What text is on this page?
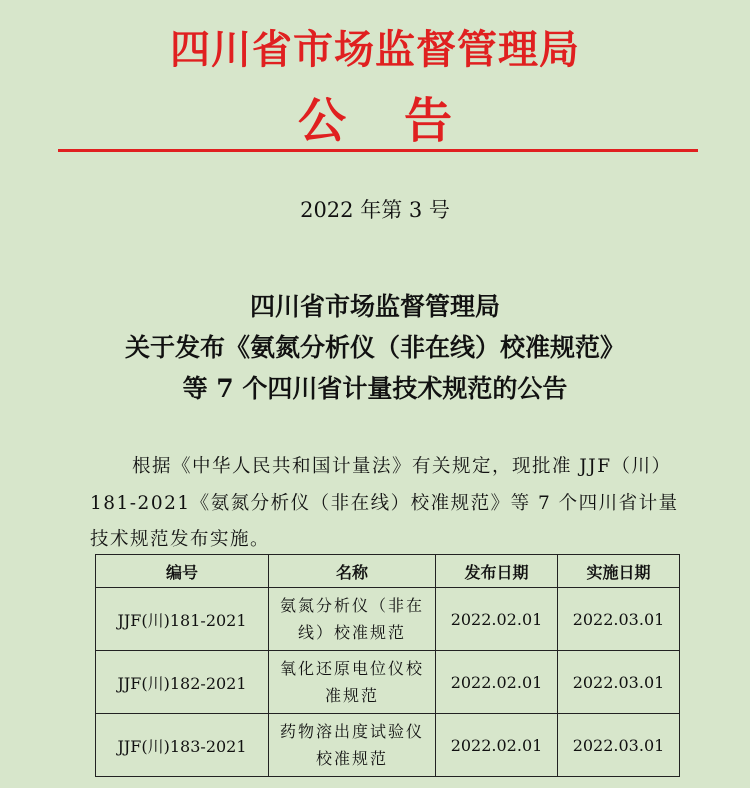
四川省市场监督管理局
公告
2022 年第 3 号
四川省市场监督管理局
关于发布《氨氮分析仪（非在线）校准规范》
等 7 个四川省计量技术规范的公告
根据《中华人民共和国计量法》有关规定，现批准 JJF（川）
181-2021《氨氮分析仪（非在线）校准规范》等 7 个四川省计量
技术规范发布实施。
编号	名称	发布日期	实施日期
JJF(川)181-2021	氨氮分析仪（非在
线）校准规范	2022.02.01	2022.03.01
JJF(川)182-2021	氧化还原电位仪校
准规范	2022.02.01	2022.03.01
JJF(川)183-2021	药物溶出度试验仪
校准规范	2022.02.01	2022.03.01
